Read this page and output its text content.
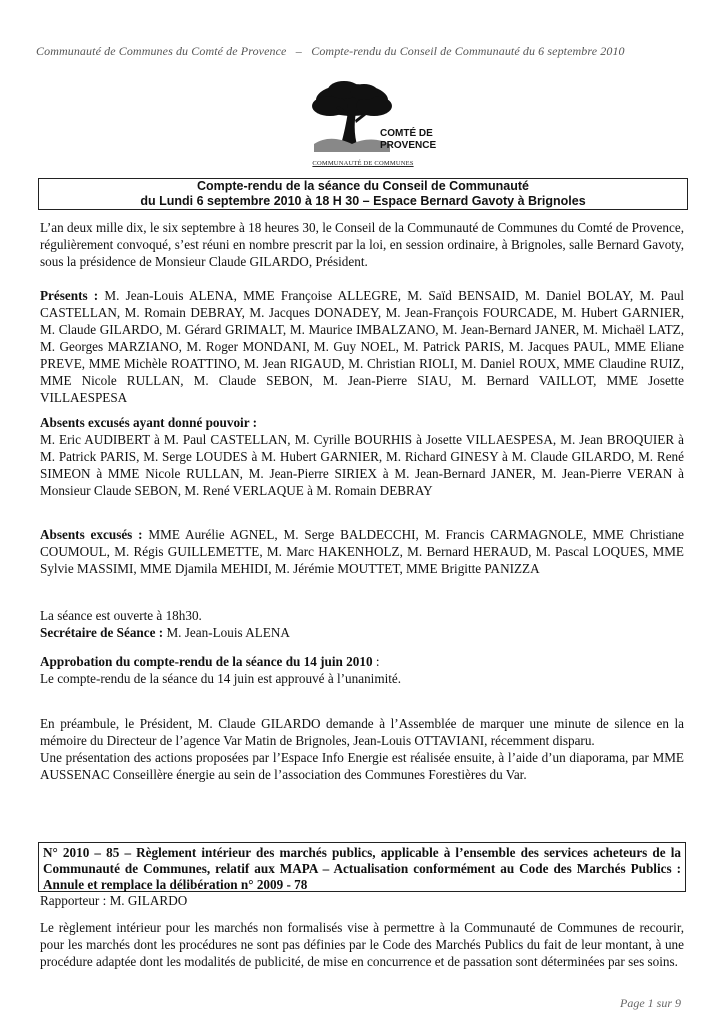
Communauté de Communes du Comté de Provence – Compte-rendu du Conseil de Communauté du 6 septembre 2010
COMTÉ DE
PROVENCE
COMMUNAUTÉ DE COMMUNES
Compte-rendu de la séance du Conseil de Communauté
du Lundi 6 septembre 2010 à 18 H 30 – Espace Bernard Gavoty à Brignoles

L’an deux mille dix, le six septembre à 18 heures 30, le Conseil de la Communauté de Communes du Comté de Provence, régulièrement convoqué, s’est réuni en nombre prescrit par la loi, en session ordinaire, à Brignoles, salle Bernard Gavoty, sous la présidence de Monsieur Claude GILARDO, Président.

Présents : M. Jean-Louis ALENA, MME Françoise ALLEGRE, M. Saïd BENSAID, M. Daniel BOLAY, M. Paul CASTELLAN, M. Romain DEBRAY, M. Jacques DONADEY, M. Jean-François FOURCADE, M. Hubert GARNIER, M. Claude GILARDO, M. Gérard GRIMALT, M. Maurice IMBALZANO, M. Jean-Bernard JANER, M. Michaël LATZ, M. Georges MARZIANO, M. Roger MONDANI, M. Guy NOEL, M. Patrick PARIS, M. Jacques PAUL, MME Eliane PREVE, MME Michèle ROATTINO, M. Jean RIGAUD, M. Christian RIOLI, M. Daniel ROUX, MME Claudine RUIZ, MME Nicole RULLAN, M. Claude SEBON, M. Jean-Pierre SIAU, M. Bernard VAILLOT, MME Josette VILLAESPESA

Absents excusés ayant donné pouvoir :

M. Eric AUDIBERT à M. Paul CASTELLAN, M. Cyrille BOURHIS à Josette VILLAESPESA, M. Jean BROQUIER à M. Patrick PARIS, M. Serge LOUDES à M. Hubert GARNIER, M. Richard GINESY à M. Claude GILARDO, M. René SIMEON à MME Nicole RULLAN, M. Jean-Pierre SIRIEX à M. Jean-Bernard JANER, M. Jean-Pierre VERAN à Monsieur Claude SEBON, M. René VERLAQUE à M. Romain DEBRAY

Absents excusés : MME Aurélie AGNEL, M. Serge BALDECCHI, M. Francis CARMAGNOLE, MME Christiane COUMOUL, M. Régis GUILLEMETTE, M. Marc HAKENHOLZ, M. Bernard HERAUD, M. Pascal LOQUES, MME Sylvie MASSIMI, MME Djamila MEHIDI, M. Jérémie MOUTTET, MME Brigitte PANIZZA

La séance est ouverte à 18h30.

Secrétaire de Séance : M. Jean-Louis ALENA

Approbation du compte-rendu de la séance du 14 juin 2010 :

Le compte-rendu de la séance du 14 juin est approuvé à l’unanimité.

En préambule, le Président, M. Claude GILARDO demande à l’Assemblée de marquer une minute de silence en la mémoire du Directeur de l’agence Var Matin de Brignoles, Jean-Louis OTTAVIANI, récemment disparu.

Une présentation des actions proposées par l’Espace Info Energie est réalisée ensuite, à l’aide d’un diaporama, par MME AUSSENAC Conseillère énergie au sein de l’association des Communes Forestières du Var.

N° 2010 – 85 – Règlement intérieur des marchés publics, applicable à l’ensemble des services acheteurs de la Communauté de Communes, relatif aux MAPA – Actualisation conformément au Code des Marchés Publics : Annule et remplace la délibération n° 2009 - 78

Rapporteur : M. GILARDO

Le règlement intérieur pour les marchés non formalisés vise à permettre à la Communauté de Communes de recourir, pour les marchés dont les procédures ne sont pas définies par le Code des Marchés Publics du fait de leur montant, à une procédure adaptée dont les modalités de publicité, de mise en concurrence et de passation sont déterminées par ses soins.

Page 1 sur 9
